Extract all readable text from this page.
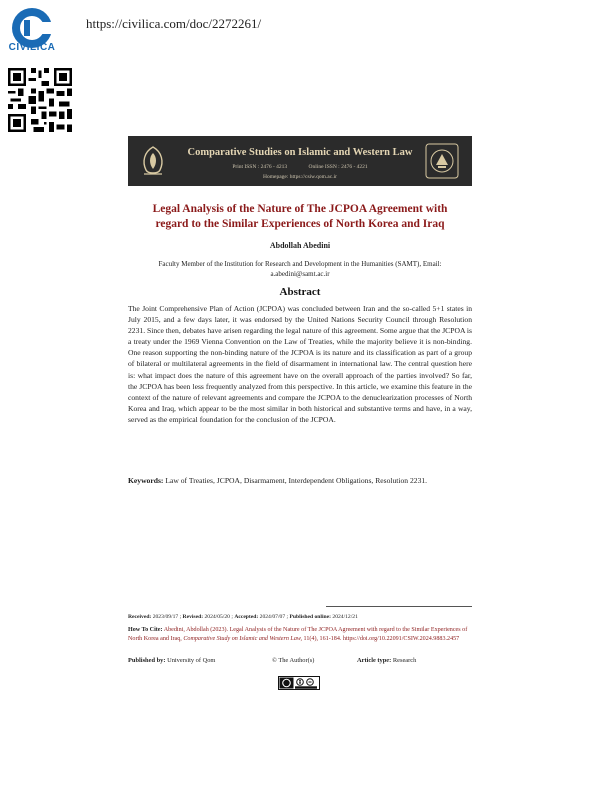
CIVILICA
https://civilica.com/doc/2272261/
Comparative Studies on Islamic and Western Law
Print ISSN : 2476 - 4213	Online ISSN : 2476 - 4221
Homepage: https://csiw.qom.ac.ir
Legal Analysis of the Nature of The JCPOA Agreement with
regard to the Similar Experiences of North Korea and Iraq
Abdollah Abedini
Faculty Member of the Institution for Research and Development in the Humanities (SAMT), Email:
a.abedini@samt.ac.ir
Abstract
The Joint Comprehensive Plan of Action (JCPOA) was concluded between Iran and the so-called 5+1 states in July 2015, and a few days later, it was endorsed by the United Nations Security Council through Resolution 2231. Since then, debates have arisen regarding the legal nature of this agreement. Some argue that the JCPOA is a treaty under the 1969 Vienna Convention on the Law of Treaties, while the majority believe it is non-binding. One reason supporting the non-binding nature of the JCPOA is its nature and its classification as part of a group of bilateral or multilateral agreements in the field of disarmament in international law. The central question here is: what impact does the nature of this agreement have on the overall approach of the parties involved? So far, the JCPOA has been less frequently analyzed from this perspective. In this article, we examine this feature in the context of the nature of relevant agreements and compare the JCPOA to the denuclearization processes of North Korea and Iraq, which appear to be the most similar in both historical and substantive terms and have, in a way, served as the empirical foundation for the conclusion of the JCPOA.
Keywords: Law of Treaties, JCPOA, Disarmament, Interdependent Obligations, Resolution 2231.
Received: 2023/09/17 ; Revised: 2024/05/20 ; Accepted: 2024/07/07 ; Published online: 2024/12/21
How To Cite: Abedini, Abdollah (2023). Legal Analysis of the Nature of The JCPOA Agreement with regard to the Similar Experiences of North Korea and Iraq, Comparative Study on Islamic and Western Law, 11(4), 161-184. https://doi.org/10.22091/CSIW.2024.9883.2457
Published by: University of Qom	© The Author(s)	Article type: Research
